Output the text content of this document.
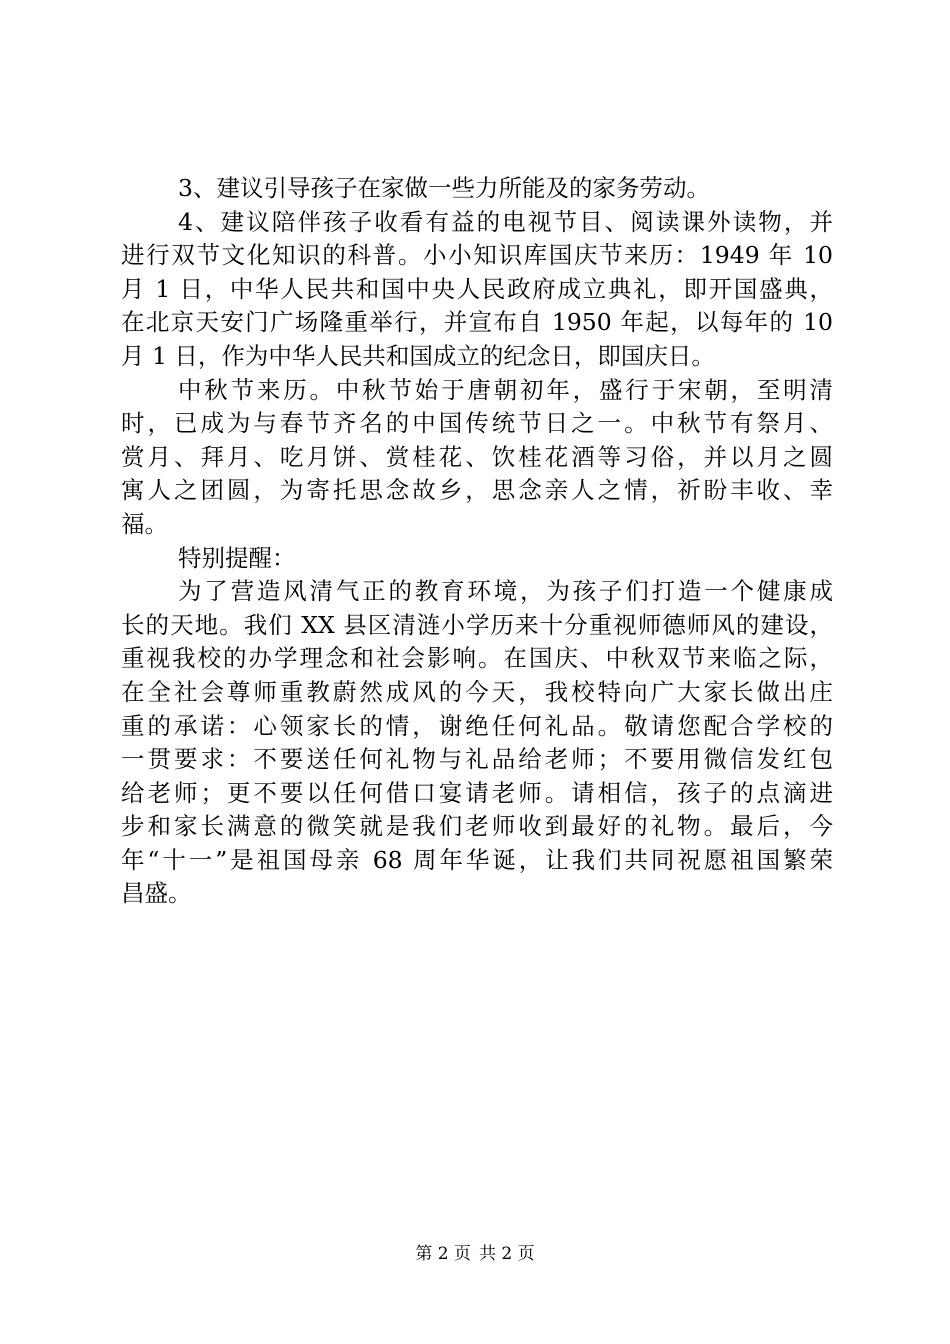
3、建议引导孩子在家做一些力所能及的家务劳动。
4、建议陪伴孩子收看有益的电视节目、阅读课外读物，并
进行双节文化知识的科普。小小知识库国庆节来历：1949 年 10
月 1 日，中华人民共和国中央人民政府成立典礼，即开国盛典，
在北京天安门广场隆重举行，并宣布自 1950 年起，以每年的 10
月 1 日，作为中华人民共和国成立的纪念日，即国庆日。
中秋节来历。中秋节始于唐朝初年，盛行于宋朝，至明清
时，已成为与春节齐名的中国传统节日之一。中秋节有祭月、
赏月、拜月、吃月饼、赏桂花、饮桂花酒等习俗，并以月之圆
寓人之团圆，为寄托思念故乡，思念亲人之情，祈盼丰收、幸
福。
特别提醒：
为了营造风清气正的教育环境，为孩子们打造一个健康成
长的天地。我们 XX 县区清涟小学历来十分重视师德师风的建设，
重视我校的办学理念和社会影响。在国庆、中秋双节来临之际，
在全社会尊师重教蔚然成风的今天，我校特向广大家长做出庄
重的承诺：心领家长的情，谢绝任何礼品。敬请您配合学校的
一贯要求：不要送任何礼物与礼品给老师；不要用微信发红包
给老师；更不要以任何借口宴请老师。请相信，孩子的点滴进
步和家长满意的微笑就是我们老师收到最好的礼物。最后，今
年“十一”是祖国母亲 68 周年华诞，让我们共同祝愿祖国繁荣
昌盛。
第 2 页 共 2 页
